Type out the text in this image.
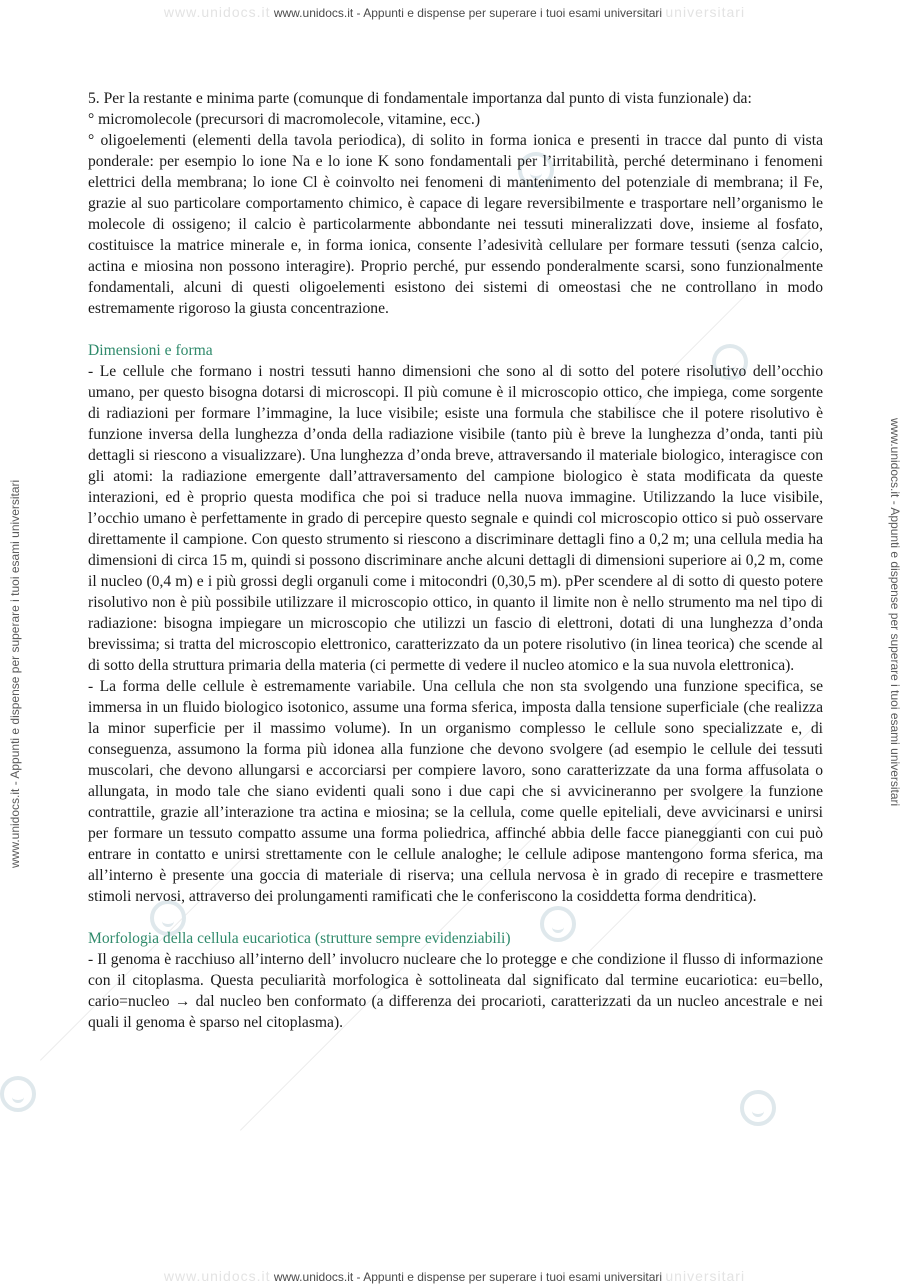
www.unidocs.it www.unidocs.it - Appunti e dispense per superare i tuoi esami universitari universitari
www.unidocs.it www.unidocs.it - Appunti e dispense per superare i tuoi esami universitari universitari
www.unidocs.it - Appunti e dispense per superare i tuoi esami universitari	www.unidocs.it - Appunti e dispense per superare i tuoi esami universitari

5. Per la restante e minima parte (comunque di fondamentale importanza dal punto di vista funzionale) da:

° micromolecole (precursori di macromolecole, vitamine, ecc.)

° oligoelementi (elementi della tavola periodica), di solito in forma ionica e presenti in tracce dal punto di vista ponderale: per esempio lo ione Na e lo ione K sono fondamentali per l’irritabilità, perché determinano i fenomeni elettrici della membrana; lo ione Cl è coinvolto nei fenomeni di mantenimento del potenziale di membrana; il Fe, grazie al suo particolare comportamento chimico, è capace di legare reversibilmente e trasportare nell’organismo le molecole di ossigeno; il calcio è particolarmente abbondante nei tessuti mineralizzati dove, insieme al fosfato, costituisce la matrice minerale e, in forma ionica, consente l’adesività cellulare per formare tessuti (senza calcio, actina e miosina non possono interagire). Proprio perché, pur essendo ponderalmente scarsi, sono funzionalmente fondamentali, alcuni di questi oligoelementi esistono dei sistemi di omeostasi che ne controllano in modo estremamente rigoroso la giusta concentrazione.

Dimensioni e forma

- Le cellule che formano i nostri tessuti hanno dimensioni che sono al di sotto del potere risolutivo dell’occhio umano, per questo bisogna dotarsi di microscopi. Il più comune è il microscopio ottico, che impiega, come sorgente di radiazioni per formare l’immagine, la luce visibile; esiste una formula che stabilisce che il potere risolutivo è funzione inversa della lunghezza d’onda della radiazione visibile (tanto più è breve la lunghezza d’onda, tanti più dettagli si riescono a visualizzare). Una lunghezza d’onda breve, attraversando il materiale biologico, interagisce con gli atomi: la radiazione emergente dall’attraversamento del campione biologico è stata modificata da queste interazioni, ed è proprio questa modifica che poi si traduce nella nuova immagine. Utilizzando la luce visibile, l’occhio umano è perfettamente in grado di percepire questo segnale e quindi col microscopio ottico si può osservare direttamente il campione. Con questo strumento si riescono a discriminare dettagli fino a 0,2 m; una cellula media ha dimensioni di circa 15 m, quindi si possono discriminare anche alcuni dettagli di dimensioni superiore ai 0,2 m, come il nucleo (0,4 m) e i più grossi degli organuli come i mitocondri (0,30,5 m). pPer scendere al di sotto di questo potere risolutivo non è più possibile utilizzare il microscopio ottico, in quanto il limite non è nello strumento ma nel tipo di radiazione: bisogna impiegare un microscopio che utilizzi un fascio di elettroni, dotati di una lunghezza d’onda brevissima; si tratta del microscopio elettronico, caratterizzato da un potere risolutivo (in linea teorica) che scende al di sotto della struttura primaria della materia (ci permette di vedere il nucleo atomico e la sua nuvola elettronica).

- La forma delle cellule è estremamente variabile. Una cellula che non sta svolgendo una funzione specifica, se immersa in un fluido biologico isotonico, assume una forma sferica, imposta dalla tensione superficiale (che realizza la minor superficie per il massimo volume). In un organismo complesso le cellule sono specializzate e, di conseguenza, assumono la forma più idonea alla funzione che devono svolgere (ad esempio le cellule dei tessuti muscolari, che devono allungarsi e accorciarsi per compiere lavoro, sono caratterizzate da una forma affusolata o allungata, in modo tale che siano evidenti quali sono i due capi che si avvicineranno per svolgere la funzione contrattile, grazie all’interazione tra actina e miosina; se la cellula, come quelle epiteliali, deve avvicinarsi e unirsi per formare un tessuto compatto assume una forma poliedrica, affinché abbia delle facce pianeggianti con cui può entrare in contatto e unirsi strettamente con le cellule analoghe; le cellule adipose mantengono forma sferica, ma all’interno è presente una goccia di materiale di riserva; una cellula nervosa è in grado di recepire e trasmettere stimoli nervosi, attraverso dei prolungamenti ramificati che le conferiscono la cosiddetta forma dendritica).

Morfologia della cellula eucariotica (strutture sempre evidenziabili)

- Il genoma è racchiuso all’interno dell’ involucro nucleare che lo protegge e che condizione il flusso di informazione con il citoplasma. Questa peculiarità morfologica è sottolineata dal significato dal termine eucariotica: eu=bello, cario=nucleo → dal nucleo ben conformato (a differenza dei procarioti, caratterizzati da un nucleo ancestrale e nei quali il genoma è sparso nel citoplasma).
